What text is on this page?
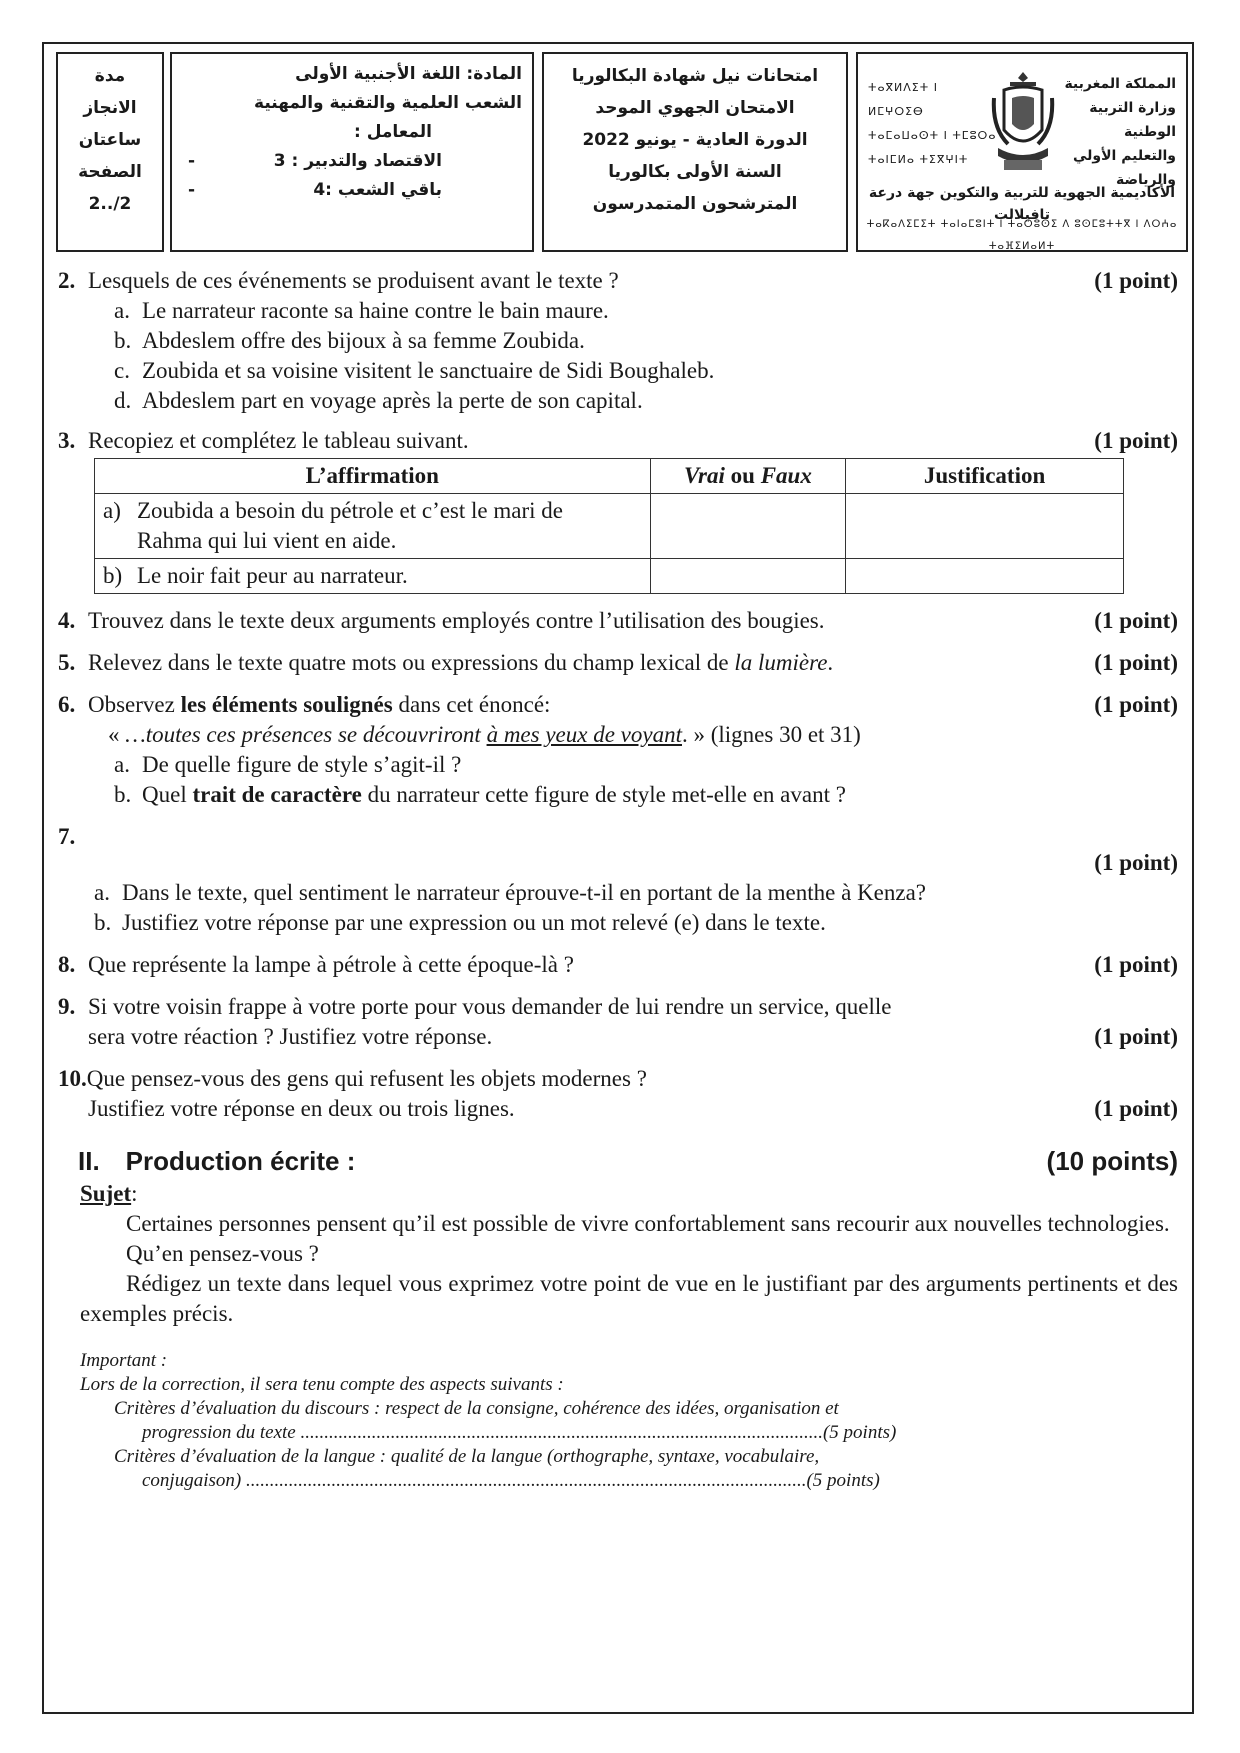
مدة
الانجاز
ساعتان
الصفحة
2../2
المادة: اللغة الأجنبية الأولى
الشعب العلمية والتقنية والمهنية
المعامل :
الاقتصاد والتدبير : 3
-
باقي الشعب :4
-
امتحانات نيل شهادة البكالوريا
الامتحان الجهوي الموحد
الدورة العادية - يونيو 2022
السنة الأولى بكالوريا
المترشحون المتمدرسون
المملكة المغربية
وزارة التربية الوطنية
والتعليم الأولي والرياضة
ⵜⴰⴳⵍⴷⵉⵜ ⵏ ⵍⵎⵖⵔⵉⴱ
ⵜⴰⵎⴰⵡⴰⵙⵜ ⵏ ⵜⵎⵓⵔⴰ
ⵜⴰⵏⵎⵍⴰ ⵜⵉⴳⵖⵏⵜ
الأكاديمية الجهوية للتربية والتكوين جهة درعة تافيلالت
ⵜⴰⴽⴰⴷⵉⵎⵉⵜ ⵜⴰⵏⴰⵎⵓⵏⵜ ⵏ ⵜⴰⵔⵓⵙⵉ ⴷ ⵓⵙⵎⵓⵜⵜⴳ ⵏ ⴷⵔⵄⴰ ⵜⴰⴼⵉⵍⴰⵍⵜ
2. Lesquels de ces événements se produisent avant le texte ?	(1 point)
a. Le narrateur raconte sa haine contre le bain maure.
b. Abdeslem offre des bijoux à sa femme Zoubida.
c. Zoubida et sa voisine visitent le sanctuaire de Sidi Boughaleb.
d. Abdeslem part en voyage après la perte de son capital.
3. Recopiez et complétez le tableau suivant.	(1 point)
L’affirmation	Vrai ou Faux	Justification

a) Zoubida a besoin du pétrole et c’est le mari de
Rahma qui lui vient en aide.		

b) Le noir fait peur au narrateur.		

4. Trouvez dans le texte deux arguments employés contre l’utilisation des bougies.	(1 point)
5. Relevez dans le texte quatre mots ou expressions du champ lexical de la lumière.	(1 point)
6. Observez les éléments soulignés dans cet énoncé:	(1 point)
« …toutes ces présences se découvriront
à mes yeux de voyant . » (lignes 30 et 31)
a. De quelle figure de style s’agit-il ?
b. Quel trait de caractère du narrateur cette figure de style met-elle en avant ?
7.
(1 point)
a. Dans le texte, quel sentiment le narrateur éprouve-t-il en portant de la menthe à Kenza?
b. Justifiez votre réponse par une expression ou un mot relevé (e) dans le texte.
8. Que représente la lampe à pétrole à cette époque-là ?	(1 point)
9. Si votre voisin frappe à votre porte pour vous demander de lui rendre un service, quelle
sera votre réaction ? Justifiez votre réponse.	(1 point)
10. Que pensez-vous des gens qui refusent les objets modernes ?
Justifiez votre réponse en deux ou trois lignes.	(1 point)
II. Production écrite :	(10 points)
Sujet:
Certaines personnes pensent qu’il est possible de vivre confortablement sans recourir aux nouvelles technologies.
Qu’en pensez-vous ?
Rédigez un texte dans lequel vous exprimez votre point de vue en le justifiant par des arguments pertinents et des exemples précis.
Important :
Lors de la correction, il sera tenu compte des aspects suivants :
Critères d’évaluation du discours : respect de la consigne, cohérence des idées, organisation et
progression du texte ..............................................................................................................(5 points)
Critères d’évaluation de la langue : qualité de la langue (orthographe, syntaxe, vocabulaire,
conjugaison) ......................................................................................................................(5 points)
